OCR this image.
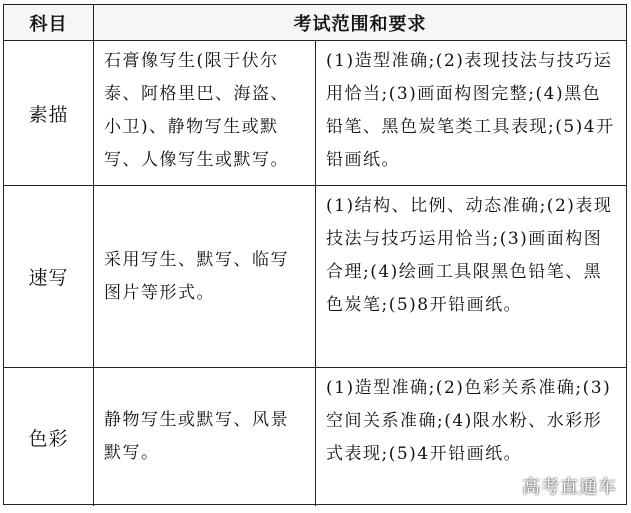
科目	考试范围和要求
素描

石膏像写生(限于伏尔泰、阿格里巴、海盗、小卫)、静物写生或默写、人像写生或默写。

(1)造型准确;(2)表现技法与技巧运用恰当;(3)画面构图完整;(4)黑色铅笔、黑色炭笔类工具表现;(5)4开铅画纸。

速写

采用写生、默写、临写图片等形式。

(1)结构、比例、动态准确;(2)表现技法与技巧运用恰当;(3)画面构图合理;(4)绘画工具限黑色铅笔、黑色炭笔;(5)8开铅画纸。

色彩

静物写生或默写、风景默写。

(1)造型准确;(2)色彩关系准确;(3)空间关系准确;(4)限水粉、水彩形式表现;(5)4开铅画纸。

高考直通车
